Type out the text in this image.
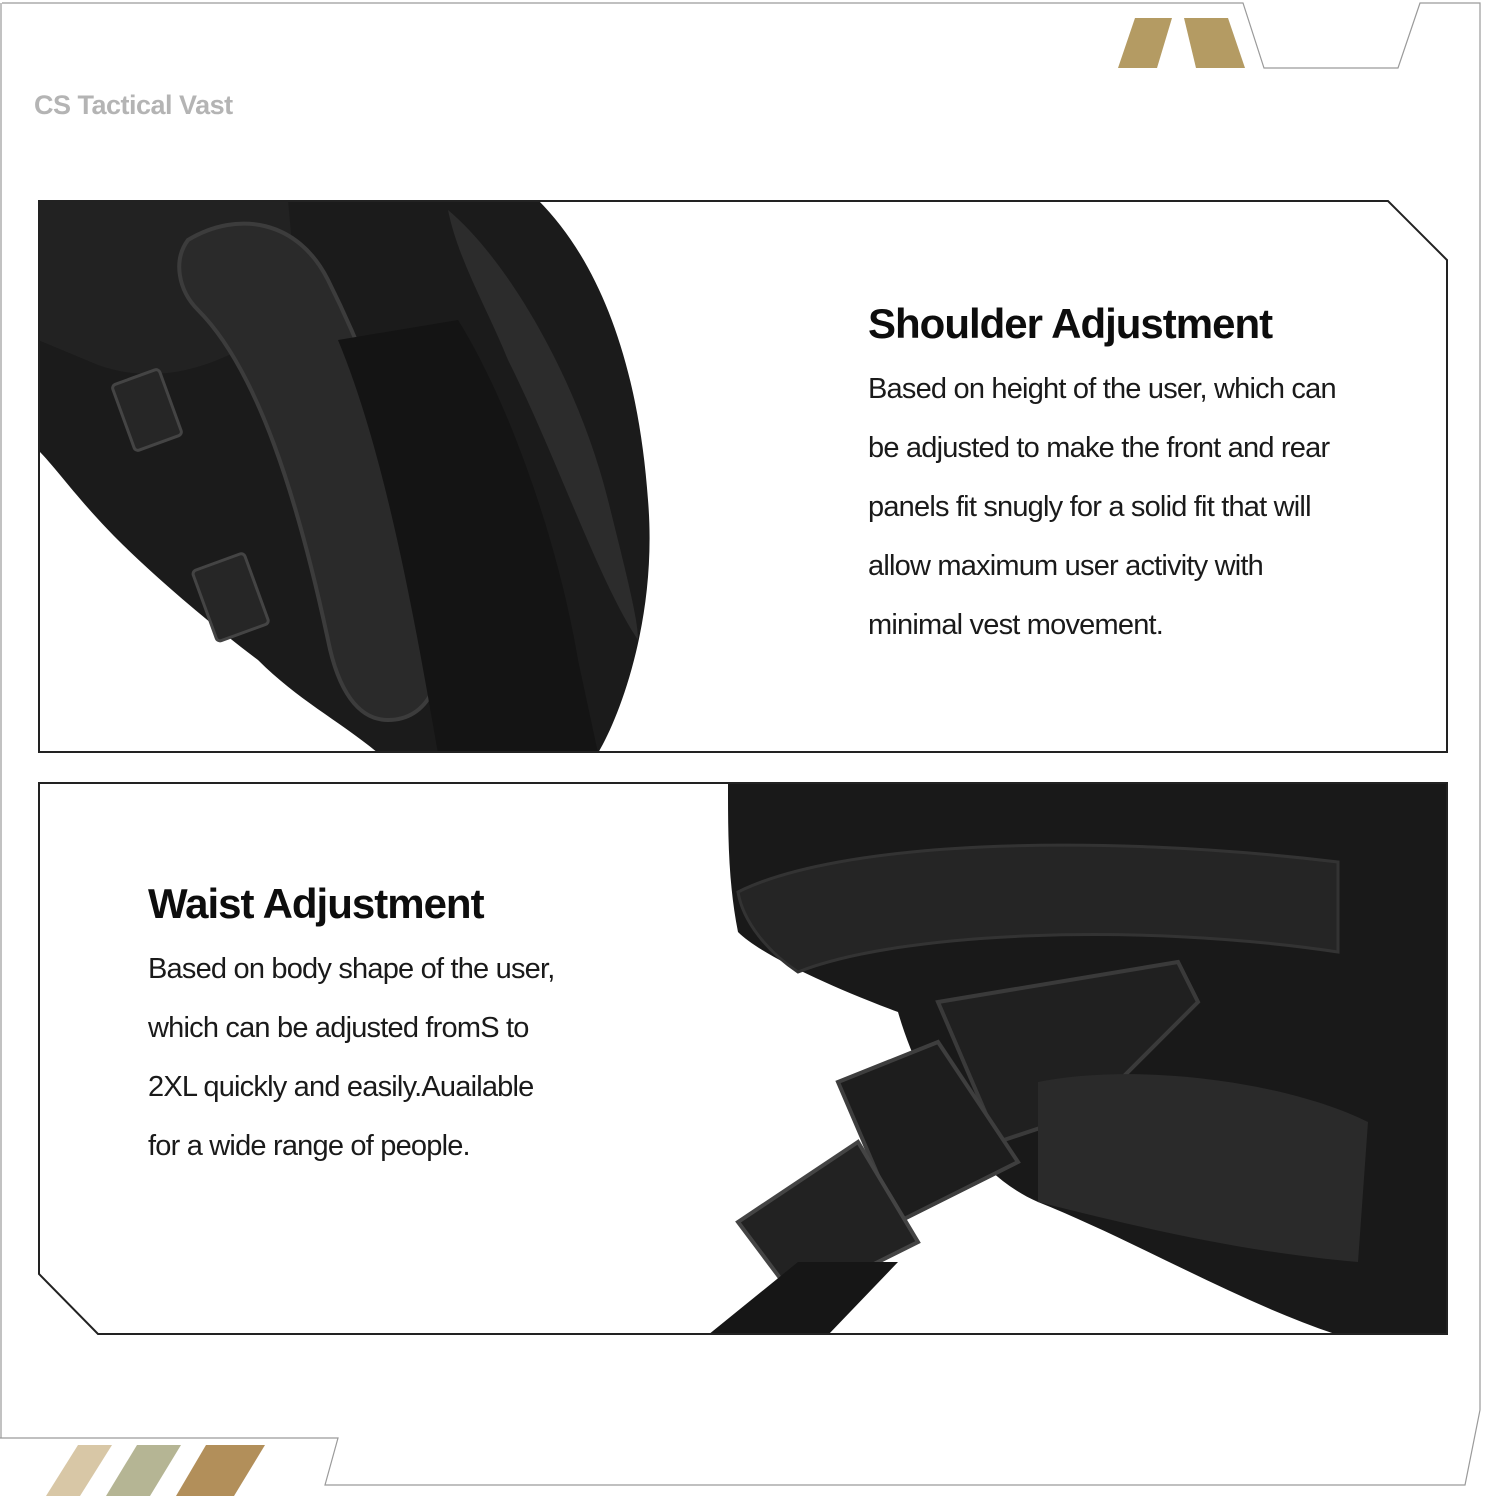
CS Tactical Vast
Shoulder Adjustment

Based on height of the user, which can

be adjusted to make the front and rear

panels fit snugly for a solid fit that will

allow maximum user activity with

minimal vest movement.

Waist Adjustment

Based on body shape of the user,

which can be adjusted fromS to

2XL quickly and easily.Auailable

for a wide range of people.
